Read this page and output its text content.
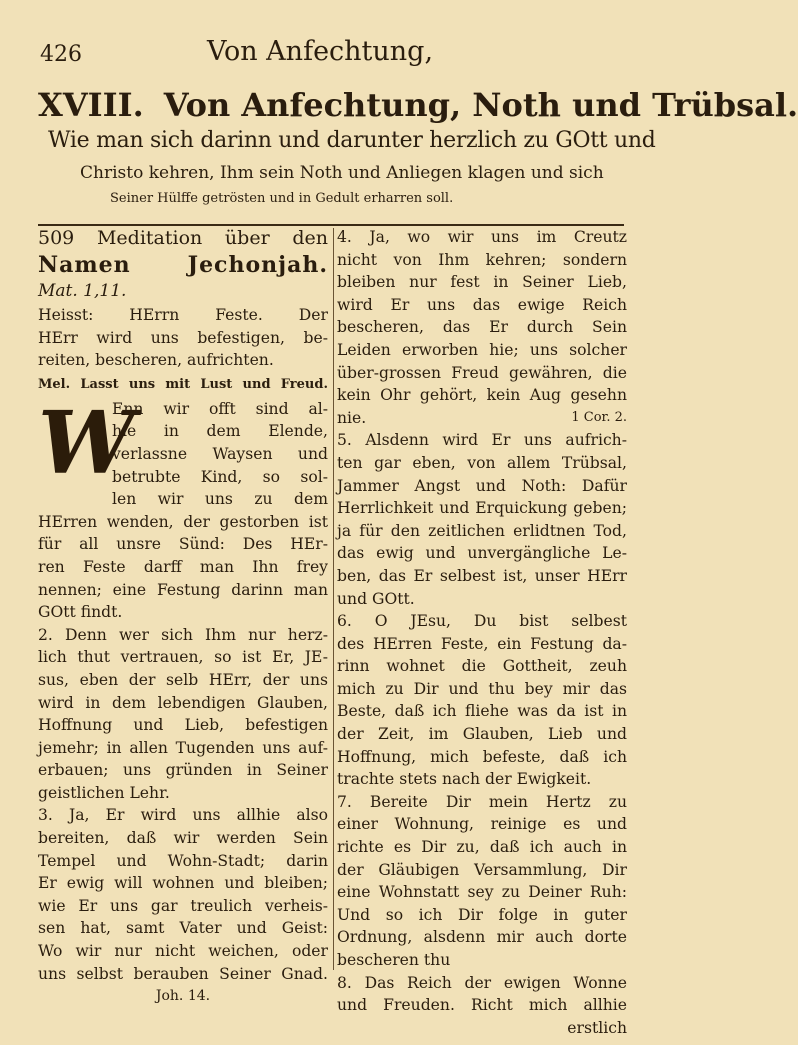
426	Von Anfechtung,
XVIII. Von Anfechtung, Noth und Trübsal.
Wie man sich darinn und darunter herzlich zu GOtt und
Christo kehren, Ihm sein Noth und Anliegen klagen und sich
Seiner Hülffe getrösten und in Gedult erharren soll.
509 Meditation über den
Namen Jechonjah.
Mat. 1,11.
Heisst: HErrn Feste. Der
HErr wird uns befestigen, be-
reiten, bescheren, aufrichten.
Mel. Lasst uns mit Lust und Freud.
W
Enn wir offt sind al-
hie in dem Elende,
verlassne Waysen und
betrubte Kind, so sol-
len wir uns zu dem
HErren wenden, der gestorben ist
für all unsre Sünd: Des HEr-
ren Feste darff man Ihn frey
nennen; eine Festung darinn man
GOtt findt.
2. Denn wer sich Ihm nur herz-
lich thut vertrauen, so ist Er, JE-
sus, eben der selb HErr, der uns
wird in dem lebendigen Glauben,
Hoffnung und Lieb, befestigen
jemehr; in allen Tugenden uns auf-
erbauen; uns gründen in Seiner
geistlichen Lehr.
3. Ja, Er wird uns allhie also
bereiten, daß wir werden Sein
Tempel und Wohn-Stadt; darin
Er ewig will wohnen und bleiben;
wie Er uns gar treulich verheis-
sen hat, samt Vater und Geist:
Wo wir nur nicht weichen, oder
uns selbst berauben Seiner Gnad.
Joh. 14.
4. Ja, wo wir uns im Creutz
nicht von Ihm kehren; sondern
bleiben nur fest in Seiner Lieb,
wird Er uns das ewige Reich
bescheren, das Er durch Sein
Leiden erworben hie; uns solcher
über-grossen Freud gewähren, die
kein Ohr gehört, kein Aug gesehn
nie.	1 Cor. 2.
5. Alsdenn wird Er uns aufrich-
ten gar eben, von allem Trübsal,
Jammer Angst und Noth: Dafür
Herrlichkeit und Erquickung geben;
ja für den zeitlichen erlidtnen Tod,
das ewig und unvergängliche Le-
ben, das Er selbest ist, unser HErr
und GOtt.
6. O JEsu, Du bist selbest
des HErren Feste, ein Festung da-
rinn wohnet die Gottheit, zeuh
mich zu Dir und thu bey mir das
Beste, daß ich fliehe was da ist in
der Zeit, im Glauben, Lieb und
Hoffnung, mich befeste, daß ich
trachte stets nach der Ewigkeit.
7. Bereite Dir mein Hertz zu
einer Wohnung, reinige es und
richte es Dir zu, daß ich auch in
der Gläubigen Versammlung, Dir
eine Wohnstatt sey zu Deiner Ruh:
Und so ich Dir folge in guter
Ordnung, alsdenn mir auch dorte
bescheren thu
8. Das Reich der ewigen Wonne
und Freuden. Richt mich allhie
erstlich
